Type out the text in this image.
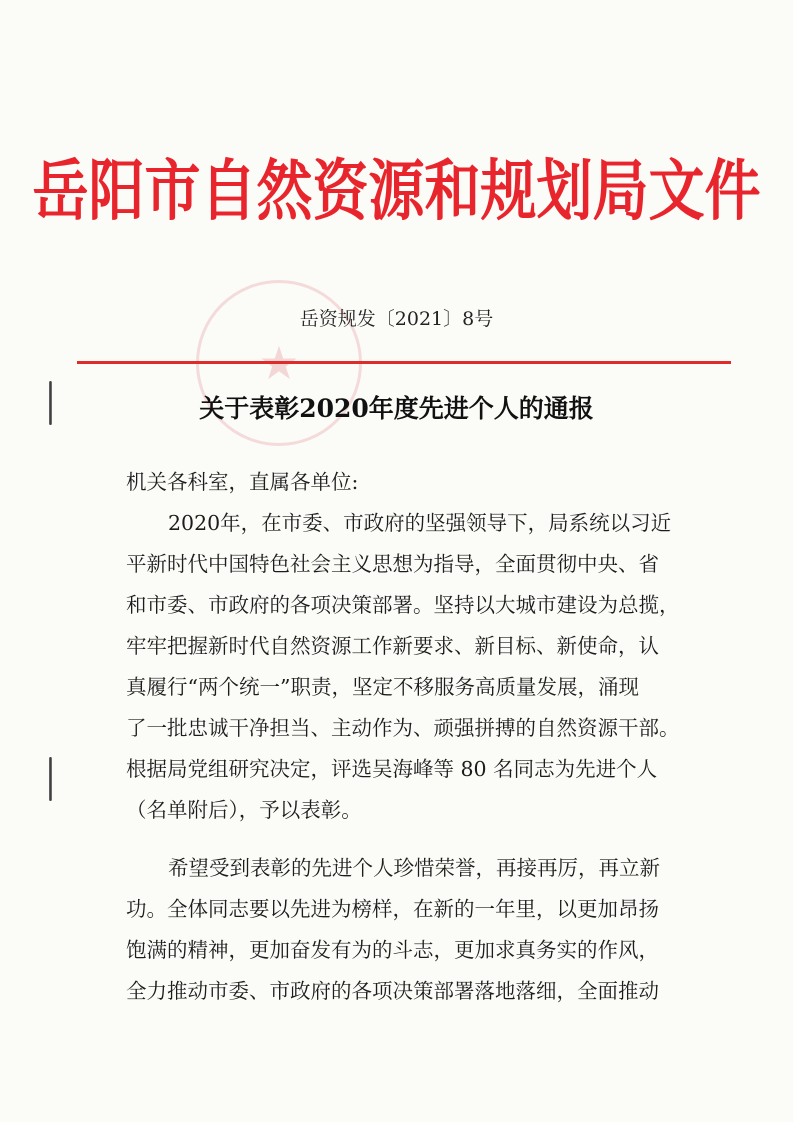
★
岳阳市自然资源和规划局文件
岳资规发〔2021〕8号
关于表彰2020年度先进个人的通报
机关各科室，直属各单位:
2020年，在市委、市政府的坚强领导下，局系统以习近
平新时代中国特色社会主义思想为指导，全面贯彻中央、省
和市委、市政府的各项决策部署。坚持以大城市建设为总揽，
牢牢把握新时代自然资源工作新要求、新目标、新使命，认
真履行“两个统一”职责，坚定不移服务高质量发展，涌现
了一批忠诚干净担当、主动作为、顽强拼搏的自然资源干部。
根据局党组研究决定，评选吴海峰等 80 名同志为先进个人
（名单附后），予以表彰。
希望受到表彰的先进个人珍惜荣誉，再接再厉，再立新
功。全体同志要以先进为榜样，在新的一年里，以更加昂扬
饱满的精神，更加奋发有为的斗志，更加求真务实的作风，
全力推动市委、市政府的各项决策部署落地落细，全面推动
